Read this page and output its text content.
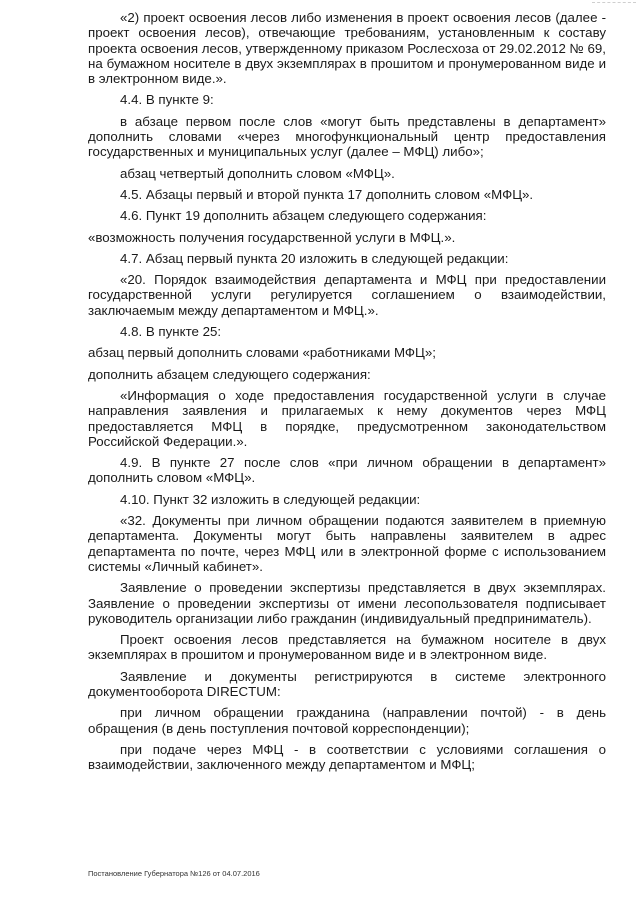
«2) проект освоения лесов либо изменения в проект освоения лесов (далее - проект освоения лесов), отвечающие требованиям, установленным к составу проекта освоения лесов, утвержденному приказом Рослесхоза от 29.02.2012 № 69, на бумажном носителе в двух экземплярах в прошитом и пронумерованном виде и в электронном виде.».

4.4. В пункте 9:

в абзаце первом после слов «могут быть представлены в департамент» дополнить словами «через многофункциональный центр предоставления государственных и муниципальных услуг (далее – МФЦ) либо»;

абзац четвертый дополнить словом «МФЦ».

4.5. Абзацы первый и второй пункта 17 дополнить словом «МФЦ».

4.6. Пункт 19 дополнить абзацем следующего содержания:

«возможность получения государственной услуги в МФЦ.».

4.7. Абзац первый пункта 20 изложить в следующей редакции:

«20. Порядок взаимодействия департамента и МФЦ при предоставлении государственной услуги регулируется соглашением о взаимодействии, заключаемым между департаментом и МФЦ.».

4.8. В пункте 25:

абзац первый дополнить словами «работниками МФЦ»;

дополнить абзацем следующего содержания:

«Информация о ходе предоставления государственной услуги в случае направления заявления и прилагаемых к нему документов через МФЦ предоставляется МФЦ в порядке, предусмотренном законодательством Российской Федерации.».

4.9. В пункте 27 после слов «при личном обращении в департамент» дополнить словом «МФЦ».

4.10. Пункт 32 изложить в следующей редакции:

«32. Документы при личном обращении подаются заявителем в приемную департамента. Документы могут быть направлены заявителем в адрес департамента по почте, через МФЦ или в электронной форме с использованием системы «Личный кабинет».

Заявление о проведении экспертизы представляется в двух экземплярах. Заявление о проведении экспертизы от имени лесопользователя подписывает руководитель организации либо гражданин (индивидуальный предприниматель).

Проект освоения лесов представляется на бумажном носителе в двух экземплярах в прошитом и пронумерованном виде и в электронном виде.

Заявление и документы регистрируются в системе электронного документооборота DIRECTUM:

при личном обращении гражданина (направлении почтой) - в день обращения (в день поступления почтовой корреспонденции);

при подаче через МФЦ - в соответствии с условиями соглашения о взаимодействии, заключенного между департаментом и МФЦ;

Постановление Губернатора №126 от 04.07.2016
